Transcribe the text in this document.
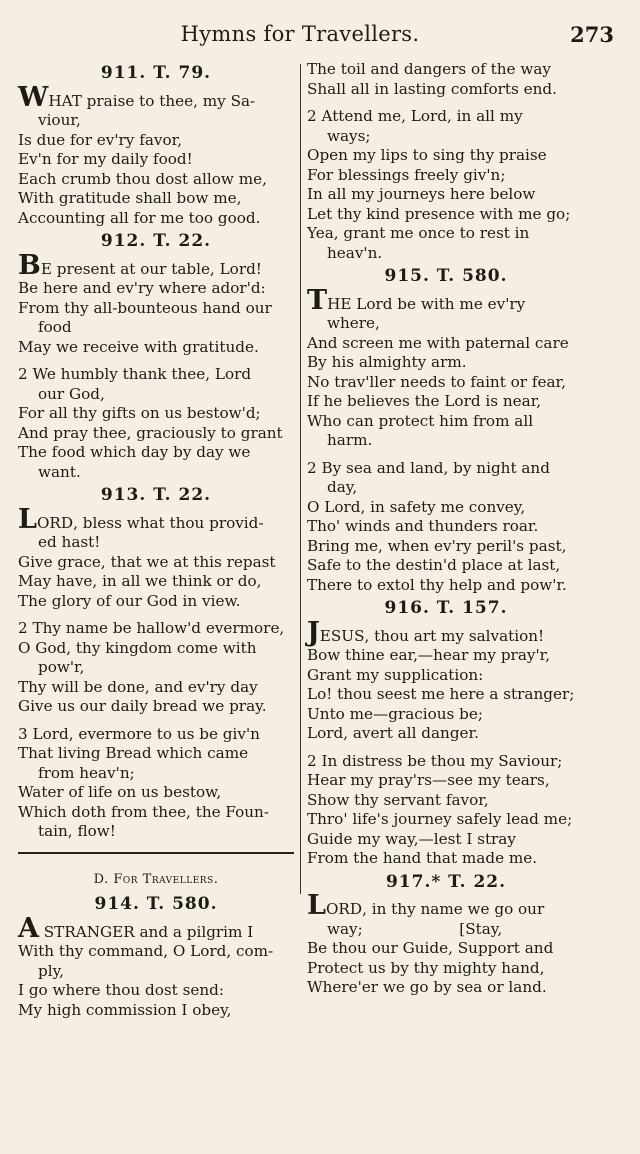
Hymns for Travellers.	273
911. T. 79.
WHAT praise to thee, my Sa-
viour,
Is due for ev'ry favor,
Ev'n for my daily food!
Each crumb thou dost allow me,
With gratitude shall bow me,
Accounting all for me too good.
912. T. 22.
BE present at our table, Lord!
Be here and ev'ry where ador'd:
From thy all-bounteous hand our
food
May we receive with gratitude.
2 We humbly thank thee, Lord
our God,
For all thy gifts on us bestow'd;
And pray thee, graciously to grant
The food which day by day we
want.
913. T. 22.
LORD, bless what thou provid-
ed hast!
Give grace, that we at this repast
May have, in all we think or do,
The glory of our God in view.
2 Thy name be hallow'd evermore,
O God, thy kingdom come with
pow'r,
Thy will be done, and ev'ry day
Give us our daily bread we pray.
3 Lord, evermore to us be giv'n
That living Bread which came
from heav'n;
Water of life on us bestow,
Which doth from thee, the Foun-
tain, flow!
D. For Travellers.
914. T. 580.
A STRANGER and a pilgrim I
With thy command, O Lord, com-
ply,
I go where thou dost send:
My high commission I obey,
The toil and dangers of the way
Shall all in lasting comforts end.
2 Attend me, Lord, in all my
ways;
Open my lips to sing thy praise
For blessings freely giv'n;
In all my journeys here below
Let thy kind presence with me go;
Yea, grant me once to rest in
heav'n.
915. T. 580.
THE Lord be with me ev'ry
where,
And screen me with paternal care
By his almighty arm.
No trav'ller needs to faint or fear,
If he believes the Lord is near,
Who can protect him from all
harm.
2 By sea and land, by night and
day,
O Lord, in safety me convey,
Tho' winds and thunders roar.
Bring me, when ev'ry peril's past,
Safe to the destin'd place at last,
There to extol thy help and pow'r.
916. T. 157.
JESUS, thou art my salvation!
Bow thine ear,—hear my pray'r,
Grant my supplication:
Lo! thou seest me here a stranger;
Unto me—gracious be;
Lord, avert all danger.
2 In distress be thou my Saviour;
Hear my pray'rs—see my tears,
Show thy servant favor,
Thro' life's journey safely lead me;
Guide my way,—lest I stray
From the hand that made me.
917.* T. 22.
LORD, in thy name we go our
way;                    [Stay,
Be thou our Guide, Support and
Protect us by thy mighty hand,
Where'er we go by sea or land.
